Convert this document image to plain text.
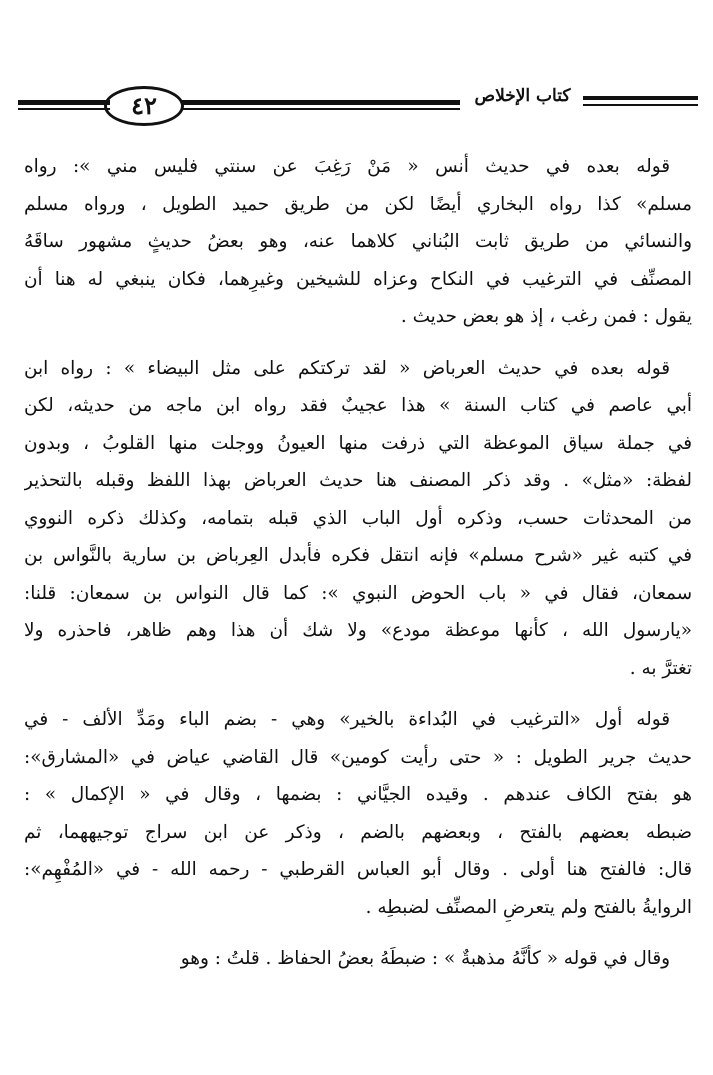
٤٢	كتاب الإخلاص
قوله بعده في حديث أنس « مَنْ رَغِبَ عن سنتي فليس مني »: رواه
مسلم» كذا رواه البخاري أيضًا لكن من طريق حميد الطويل ، ورواه مسلم
والنسائي من طريق ثابت البُناني كلاهما عنه، وهو بعضُ حديثٍ مشهور ساقَهُ
المصنِّف في الترغيب في النكاح وعزاه للشيخين وغيرِهما، فكان ينبغي له هنا أن
يقول : فمن رغب ، إذ هو بعض حديث .
قوله بعده في حديث العرباض « لقد تركتكم على مثل البيضاء » : رواه ابن
أبي عاصم في كتاب السنة » هذا عجيبٌ فقد رواه ابن ماجه من حديثه، لكن
في جملة سياق الموعظة التي ذرفت منها العيونُ ووجلت منها القلوبُ ، وبدون
لفظة: «مثل» . وقد ذكر المصنف هنا حديث العرباض بهذا اللفظ وقبله بالتحذير
من المحدثات حسب، وذكره أول الباب الذي قبله بتمامه، وكذلك ذكره النووي
في كتبه غير «شرح مسلم» فإنه انتقل فكره فأبدل العِرباض بن سارية بالنَّواس بن
سمعان، فقال في « باب الحوض النبوي »: كما قال النواس بن سمعان: قلنا:
«يارسول الله ، كأنها موعظة مودع» ولا شك أن هذا وهم ظاهر، فاحذره ولا
تغترَّ به .
قوله أول «الترغيب في البُداءة بالخير» وهي - بضم الباء ومَدِّ الألف - في
حديث جرير الطويل : « حتى رأيت كومين» قال القاضي عياض في «المشارق»:
هو بفتح الكاف عندهم . وقيده الجيَّاني : بضمها ، وقال في « الإكمال » :
ضبطه بعضهم بالفتح ، وبعضهم بالضم ، وذكر عن ابن سراج توجيههما، ثم
قال: فالفتح هنا أولى . وقال أبو العباس القرطبي - رحمه الله - في «المُفْهِم»:
الروايةُ بالفتح ولم يتعرضِ المصنِّف لضبطِه .
وقال في قوله « كأنَّهُ مذهبةٌ » : ضبطَهُ بعضُ الحفاظ . قلتُ : وهو
